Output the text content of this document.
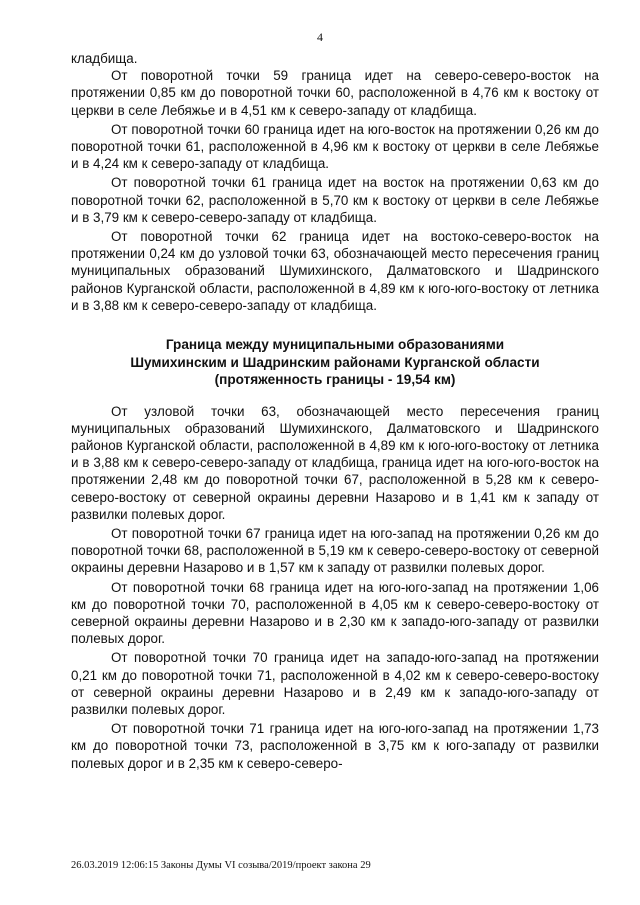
4

кладбища.

От поворотной точки 59 граница идет на северо-северо-восток на протяжении 0,85 км до поворотной точки 60, расположенной в 4,76 км к востоку от церкви в селе Лебяжье и в 4,51 км к северо-западу от кладбища.

От поворотной точки 60 граница идет на юго-восток на протяжении 0,26 км до поворотной точки 61, расположенной в 4,96 км к востоку от церкви в селе Лебяжье и в 4,24 км к северо-западу от кладбища.

От поворотной точки 61 граница идет на восток на протяжении 0,63 км до поворотной точки 62, расположенной в 5,70 км к востоку от церкви в селе Лебяжье и в 3,79 км к северо-северо-западу от кладбища.

От поворотной точки 62 граница идет на востоко-северо-восток на протяжении 0,24 км до узловой точки 63, обозначающей место пересечения границ муниципальных образований Шумихинского, Далматовского и Шадринского районов Курганской области, расположенной в 4,89 км к юго-юго-востоку от летника и в 3,88 км к северо-северо-западу от кладбища.

Граница между муниципальными образованиями
Шумихинским и Шадринским районами Курганской области
(протяженность границы - 19,54 км)

От узловой точки 63, обозначающей место пересечения границ муниципальных образований Шумихинского, Далматовского и Шадринского районов Курганской области, расположенной в 4,89 км к юго-юго-востоку от летника и в 3,88 км к северо-северо-западу от кладбища, граница идет на юго-юго-восток на протяжении 2,48 км до поворотной точки 67, расположенной в 5,28 км к северо-северо-востоку от северной окраины деревни Назарово и в 1,41 км к западу от развилки полевых дорог.

От поворотной точки 67 граница идет на юго-запад на протяжении 0,26 км до поворотной точки 68, расположенной в 5,19 км к северо-северо-востоку от северной окраины деревни Назарово и в 1,57 км к западу от развилки полевых дорог.

От поворотной точки 68 граница идет на юго-юго-запад на протяжении 1,06 км до поворотной точки 70, расположенной в 4,05 км к северо-северо-востоку от северной окраины деревни Назарово и в 2,30 км к западо-юго-западу от развилки полевых дорог.

От поворотной точки 70 граница идет на западо-юго-запад на протяжении 0,21 км до поворотной точки 71, расположенной в 4,02 км к северо-северо-востоку от северной окраины деревни Назарово и в 2,49 км к западо-юго-западу от развилки полевых дорог.

От поворотной точки 71 граница идет на юго-юго-запад на протяжении 1,73 км до поворотной точки 73, расположенной в 3,75 км к юго-западу от развилки полевых дорог и в 2,35 км к северо-северо-

26.03.2019 12:06:15 Законы Думы VI созыва/2019/проект закона 29
